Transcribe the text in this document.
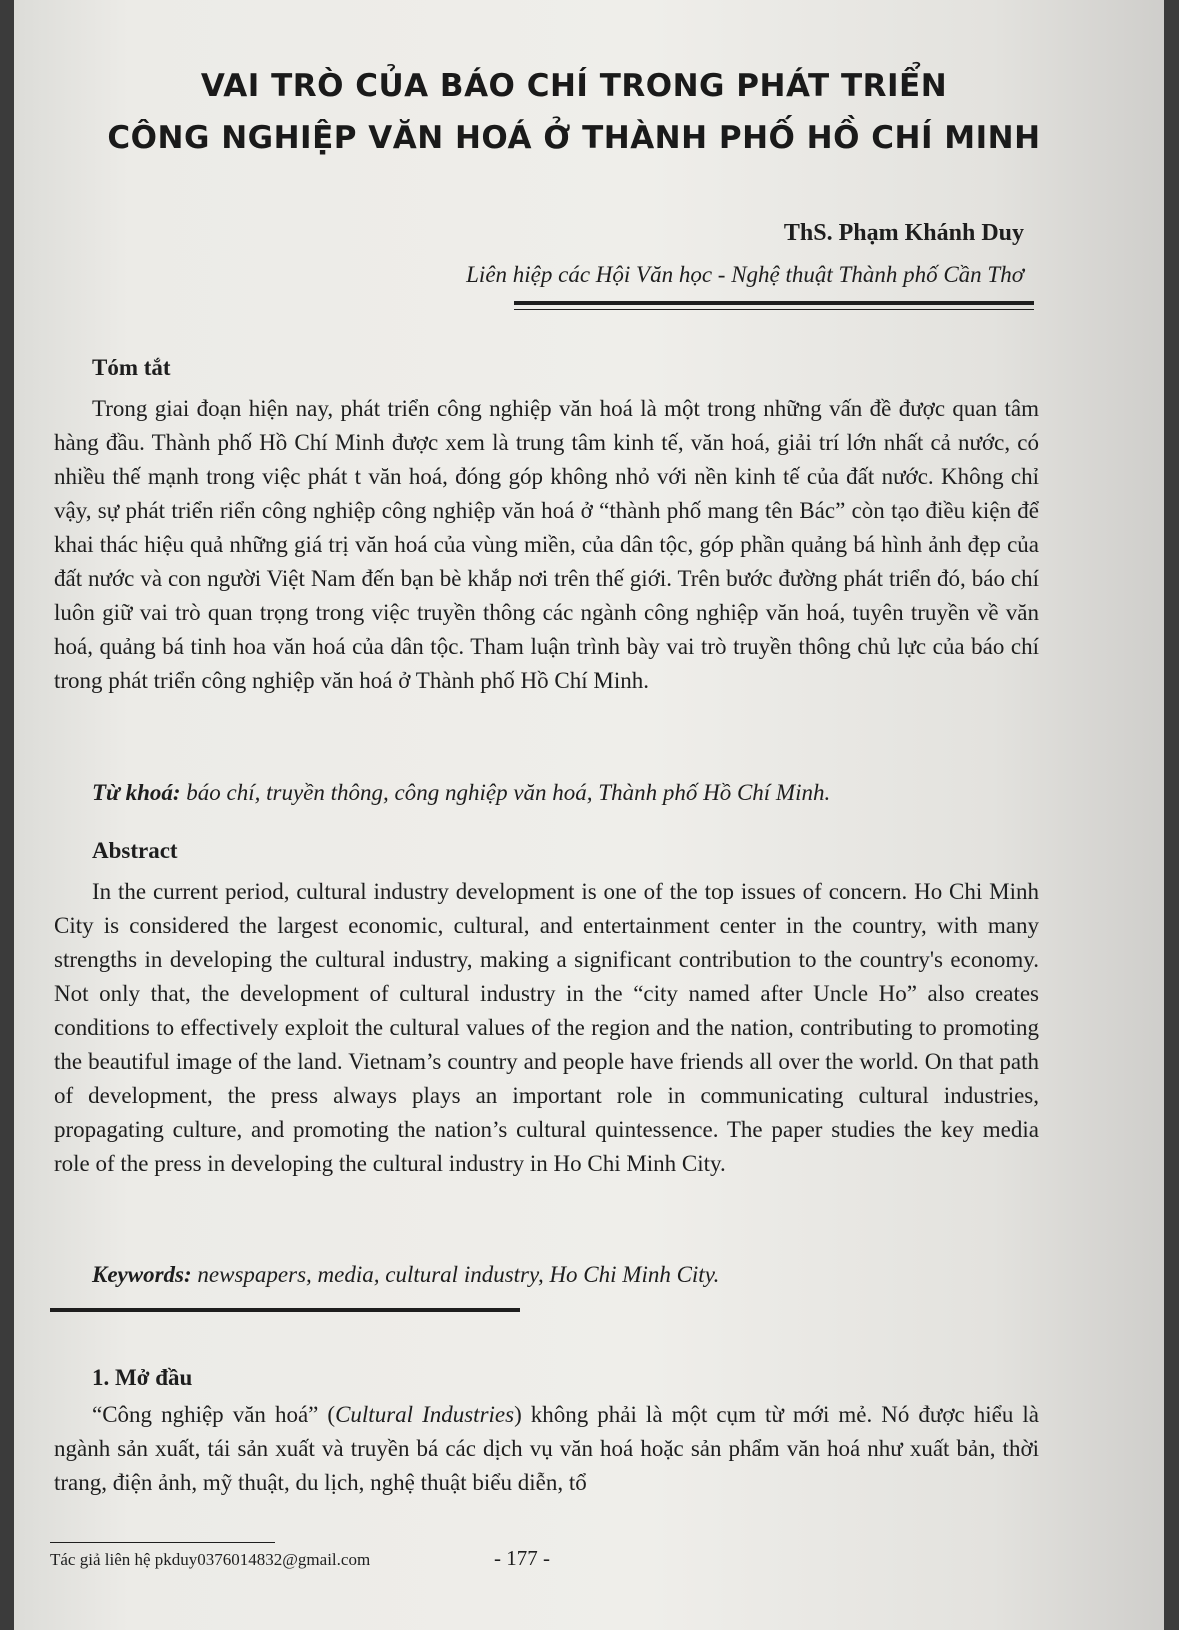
VAI TRÒ CỦA BÁO CHÍ TRONG PHÁT TRIỂN
CÔNG NGHIỆP VĂN HOÁ Ở THÀNH PHỐ HỒ CHÍ MINH

ThS. Phạm Khánh Duy

Liên hiệp các Hội Văn học - Nghệ thuật Thành phố Cần Thơ

Tóm tắt

Trong giai đoạn hiện nay, phát triển công nghiệp văn hoá là một trong những vấn đề được quan tâm hàng đầu. Thành phố Hồ Chí Minh được xem là trung tâm kinh tế, văn hoá, giải trí lớn nhất cả nước, có nhiều thế mạnh trong việc phát t văn hoá, đóng góp không nhỏ với nền kinh tế của đất nước. Không chỉ vậy, sự phát triển riển công nghiệp công nghiệp văn hoá ở “thành phố mang tên Bác” còn tạo điều kiện để khai thác hiệu quả những giá trị văn hoá của vùng miền, của dân tộc, góp phần quảng bá hình ảnh đẹp của đất nước và con người Việt Nam đến bạn bè khắp nơi trên thế giới. Trên bước đường phát triển đó, báo chí luôn giữ vai trò quan trọng trong việc truyền thông các ngành công nghiệp văn hoá, tuyên truyền về văn hoá, quảng bá tinh hoa văn hoá của dân tộc. Tham luận trình bày vai trò truyền thông chủ lực của báo chí trong phát triển công nghiệp văn hoá ở Thành phố Hồ Chí Minh.

Từ khoá: báo chí, truyền thông, công nghiệp văn hoá, Thành phố Hồ Chí Minh.

Abstract

In the current period, cultural industry development is one of the top issues of concern. Ho Chi Minh City is considered the largest economic, cultural, and entertainment center in the country, with many strengths in developing the cultural industry, making a significant contribution to the country's economy. Not only that, the development of cultural industry in the “city named after Uncle Ho” also creates conditions to effectively exploit the cultural values of the region and the nation, contributing to promoting the beautiful image of the land. Vietnam’s country and people have friends all over the world. On that path of development, the press always plays an important role in communicating cultural industries, propagating culture, and promoting the nation’s cultural quintessence. The paper studies the key media role of the press in developing the cultural industry in Ho Chi Minh City.

Keywords: newspapers, media, cultural industry, Ho Chi Minh City.

1. Mở đầu

“Công nghiệp văn hoá” (Cultural Industries) không phải là một cụm từ mới mẻ. Nó được hiểu là ngành sản xuất, tái sản xuất và truyền bá các dịch vụ văn hoá hoặc sản phẩm văn hoá như xuất bản, thời trang, điện ảnh, mỹ thuật, du lịch, nghệ thuật biểu diễn, tổ

Tác giả liên hệ pkduy0376014832@gmail.com	- 177 -
